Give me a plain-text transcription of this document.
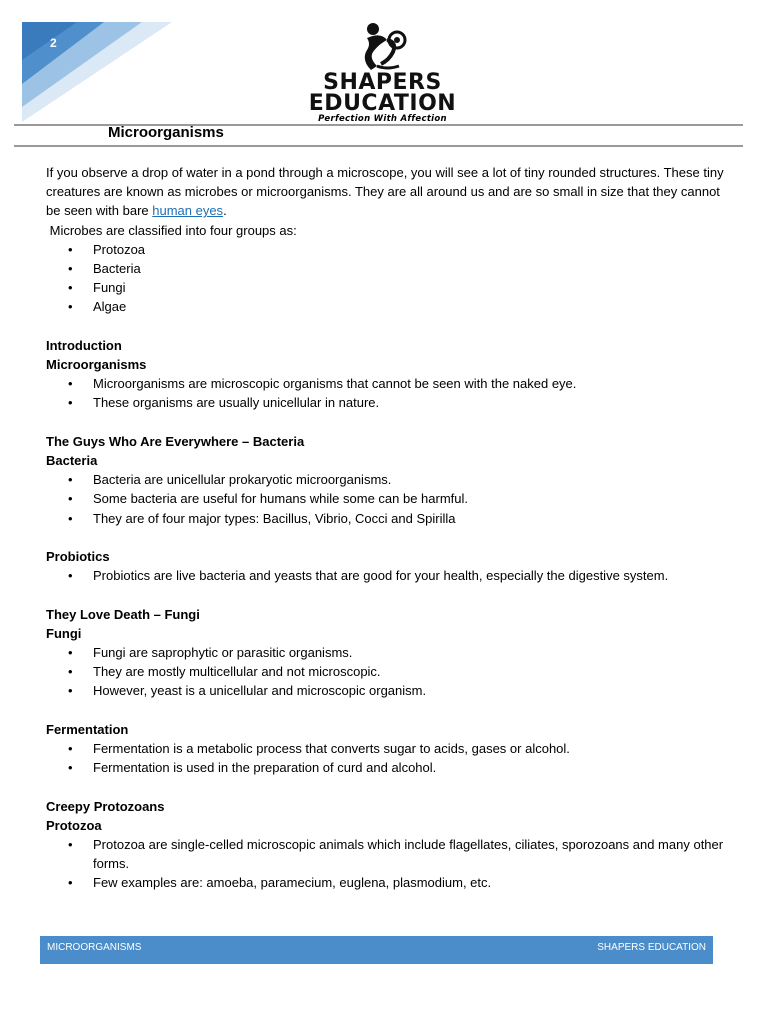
2
SHAPERS
EDUCATION
Perfection With Affection
Microorganisms

If you observe a drop of water in a pond through a microscope, you will see a lot of tiny rounded structures. These tiny creatures are known as microbes or microorganisms. They are all around us and are so small in size that they cannot be seen with bare human eyes.

Microbes are classified into four groups as:

• Protozoa
• Bacteria
• Fungi
• Algae

Introduction

Microorganisms

• Microorganisms are microscopic organisms that cannot be seen with the naked eye.
• These organisms are usually unicellular in nature.

The Guys Who Are Everywhere – Bacteria

Bacteria

• Bacteria are unicellular prokaryotic microorganisms.
• Some bacteria are useful for humans while some can be harmful.
• They are of four major types: Bacillus, Vibrio, Cocci and Spirilla

Probiotics

• Probiotics are live bacteria and yeasts that are good for your health, especially the digestive system.

They Love Death – Fungi

Fungi

• Fungi are saprophytic or parasitic organisms.
• They are mostly multicellular and not microscopic.
• However, yeast is a unicellular and microscopic organism.

Fermentation

• Fermentation is a metabolic process that converts sugar to acids, gases or alcohol.
• Fermentation is used in the preparation of curd and alcohol.

Creepy Protozoans

Protozoa

• Protozoa are single-celled microscopic animals which include flagellates, ciliates, sporozoans and many other forms.
• Few examples are: amoeba, paramecium, euglena, plasmodium, etc.
MICROORGANISMS	SHAPERS EDUCATION
